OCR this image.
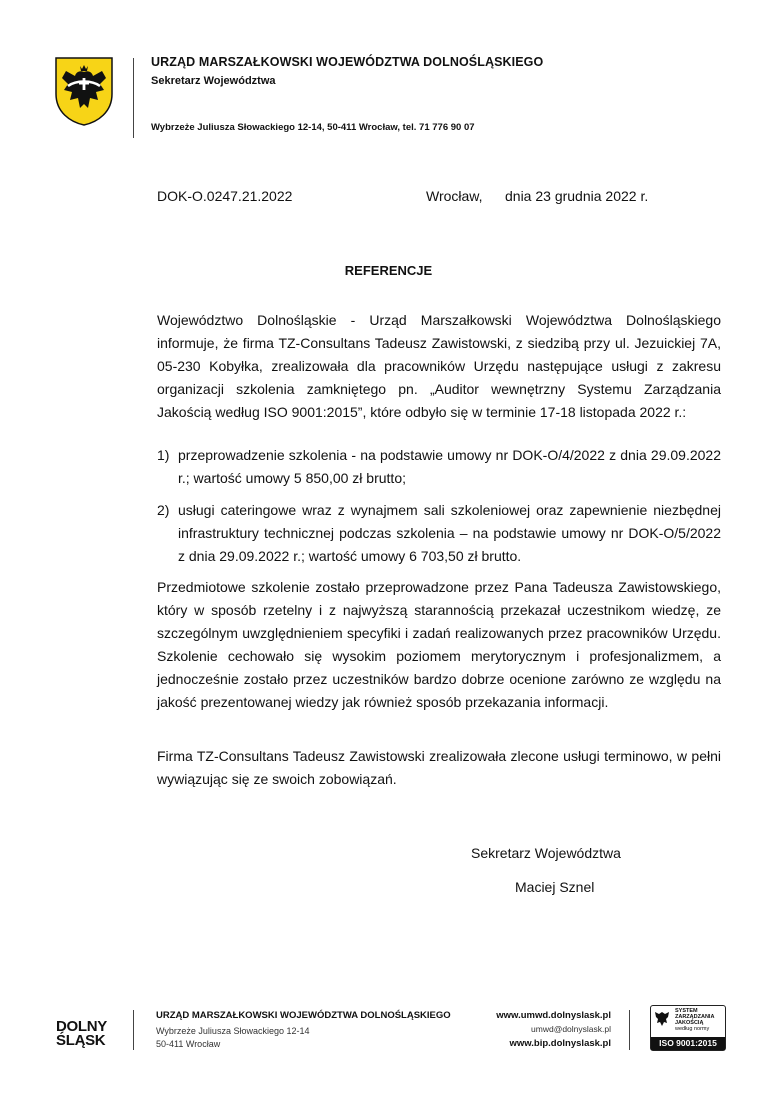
URZĄD MARSZAŁKOWSKI WOJEWÓDZTWA DOLNOŚLĄSKIEGO
Sekretarz Województwa
Wybrzeże Juliusza Słowackiego 12-14, 50-411 Wrocław, tel. 71 776 90 07
DOK-O.0247.21.2022	Wrocław, dnia 23 grudnia 2022 r.
REFERENCJE
Województwo Dolnośląskie - Urząd Marszałkowski Województwa Dolnośląskiego informuje, że firma TZ-Consultans Tadeusz Zawistowski, z siedzibą przy ul. Jezuickiej 7A, 05-230 Kobyłka, zrealizowała dla pracowników Urzędu następujące usługi z zakresu organizacji szkolenia zamkniętego pn. „Auditor wewnętrzny Systemu Zarządzania Jakością według ISO 9001:2015”, które odbyło się w terminie 17-18 listopada 2022 r.:
1) przeprowadzenie szkolenia - na podstawie umowy nr DOK-O/4/2022 z dnia 29.09.2022 r.; wartość umowy 5 850,00 zł brutto;
2) usługi cateringowe wraz z wynajmem sali szkoleniowej oraz zapewnienie niezbędnej infrastruktury technicznej podczas szkolenia – na podstawie umowy nr DOK-O/5/2022 z dnia 29.09.2022 r.; wartość umowy 6 703,50 zł brutto.
Przedmiotowe szkolenie zostało przeprowadzone przez Pana Tadeusza Zawistowskiego, który w sposób rzetelny i z najwyższą starannością przekazał uczestnikom wiedzę, ze szczególnym uwzględnieniem specyfiki i zadań realizowanych przez pracowników Urzędu. Szkolenie cechowało się wysokim poziomem merytorycznym i profesjonalizmem, a jednocześnie zostało przez uczestników bardzo dobrze ocenione zarówno ze względu na jakość prezentowanej wiedzy jak również sposób przekazania informacji.
Firma TZ-Consultans Tadeusz Zawistowski zrealizowała zlecone usługi terminowo, w pełni wywiązując się ze swoich zobowiązań.
Sekretarz Województwa
Maciej Sznel
DOLNY
ŚLĄSK
URZĄD MARSZAŁKOWSKI WOJEWÓDZTWA DOLNOŚLĄSKIEGO
Wybrzeże Juliusza Słowackiego 12-14
50-411 Wrocław
www.umwd.dolnyslask.pl
umwd@dolnyslask.pl
www.bip.dolnyslask.pl
SYSTEM
ZARZĄDZANIA
JAKOŚCIĄ
według normy
ISO 9001:2015
